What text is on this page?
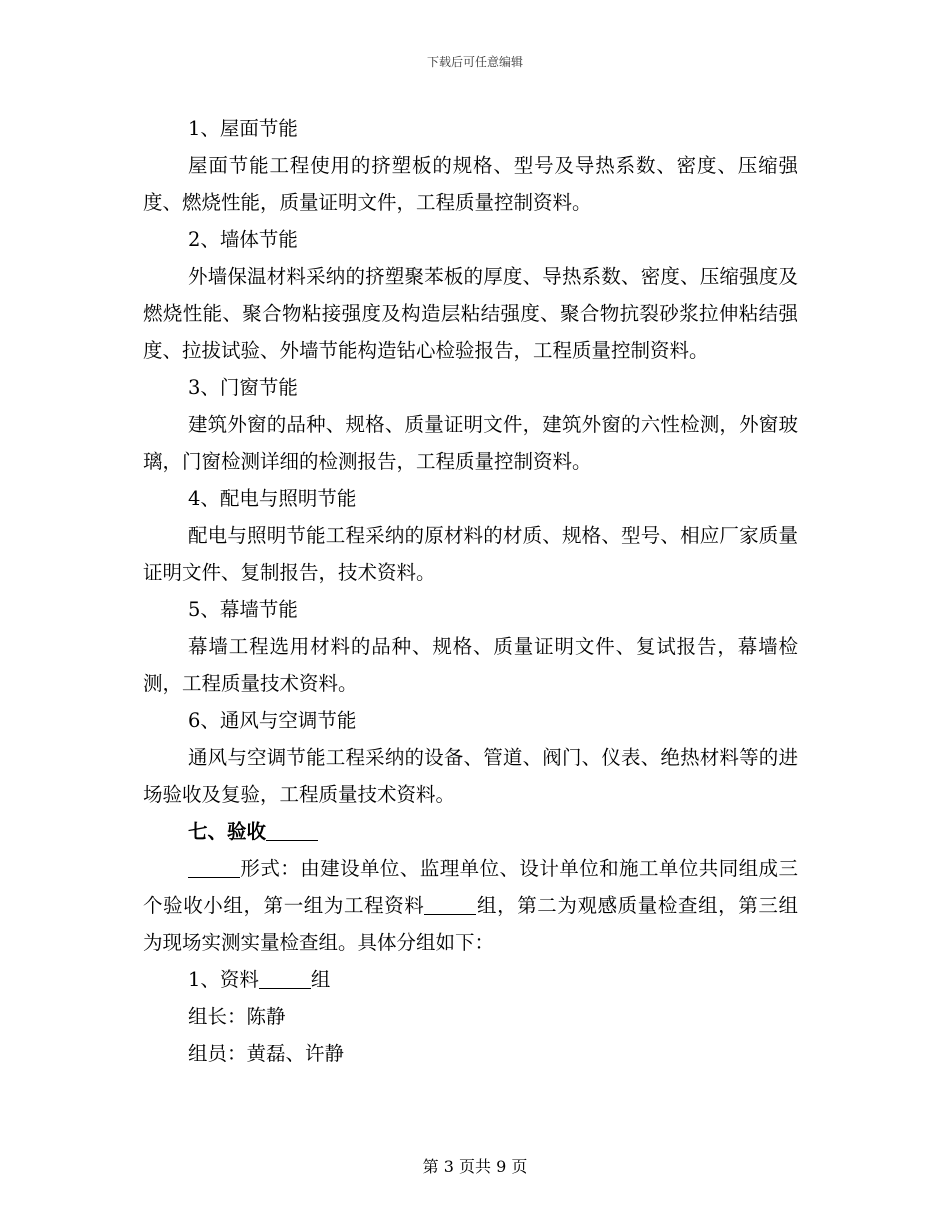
下载后可任意编辑

1、屋面节能

屋面节能工程使用的挤塑板的规格、型号及导热系数、密度、压缩强度、燃烧性能，质量证明文件，工程质量控制资料。

2、墙体节能

外墙保温材料采纳的挤塑聚苯板的厚度、导热系数、密度、压缩强度及燃烧性能、聚合物粘接强度及构造层粘结强度、聚合物抗裂砂浆拉伸粘结强度、拉拔试验、外墙节能构造钻心检验报告，工程质量控制资料。

3、门窗节能

建筑外窗的品种、规格、质量证明文件，建筑外窗的六性检测，外窗玻璃，门窗检测详细的检测报告，工程质量控制资料。

4、配电与照明节能

配电与照明节能工程采纳的原材料的材质、规格、型号、相应厂家质量证明文件、复制报告，技术资料。

5、幕墙节能

幕墙工程选用材料的品种、规格、质量证明文件、复试报告，幕墙检测，工程质量技术资料。

6、通风与空调节能

通风与空调节能工程采纳的设备、管道、阀门、仪表、绝热材料等的进场验收及复验，工程质量技术资料。

七、验收

形式：由建设单位、监理单位、设计单位和施工单位共同组成三个验收小组，第一组为工程资料	组，第二为观感质量检查组，第三组为现场实测实量检查组。具体分组如下：

1、资料	组

组长：陈静

组员：黄磊、许静

第 3 页共 9 页
